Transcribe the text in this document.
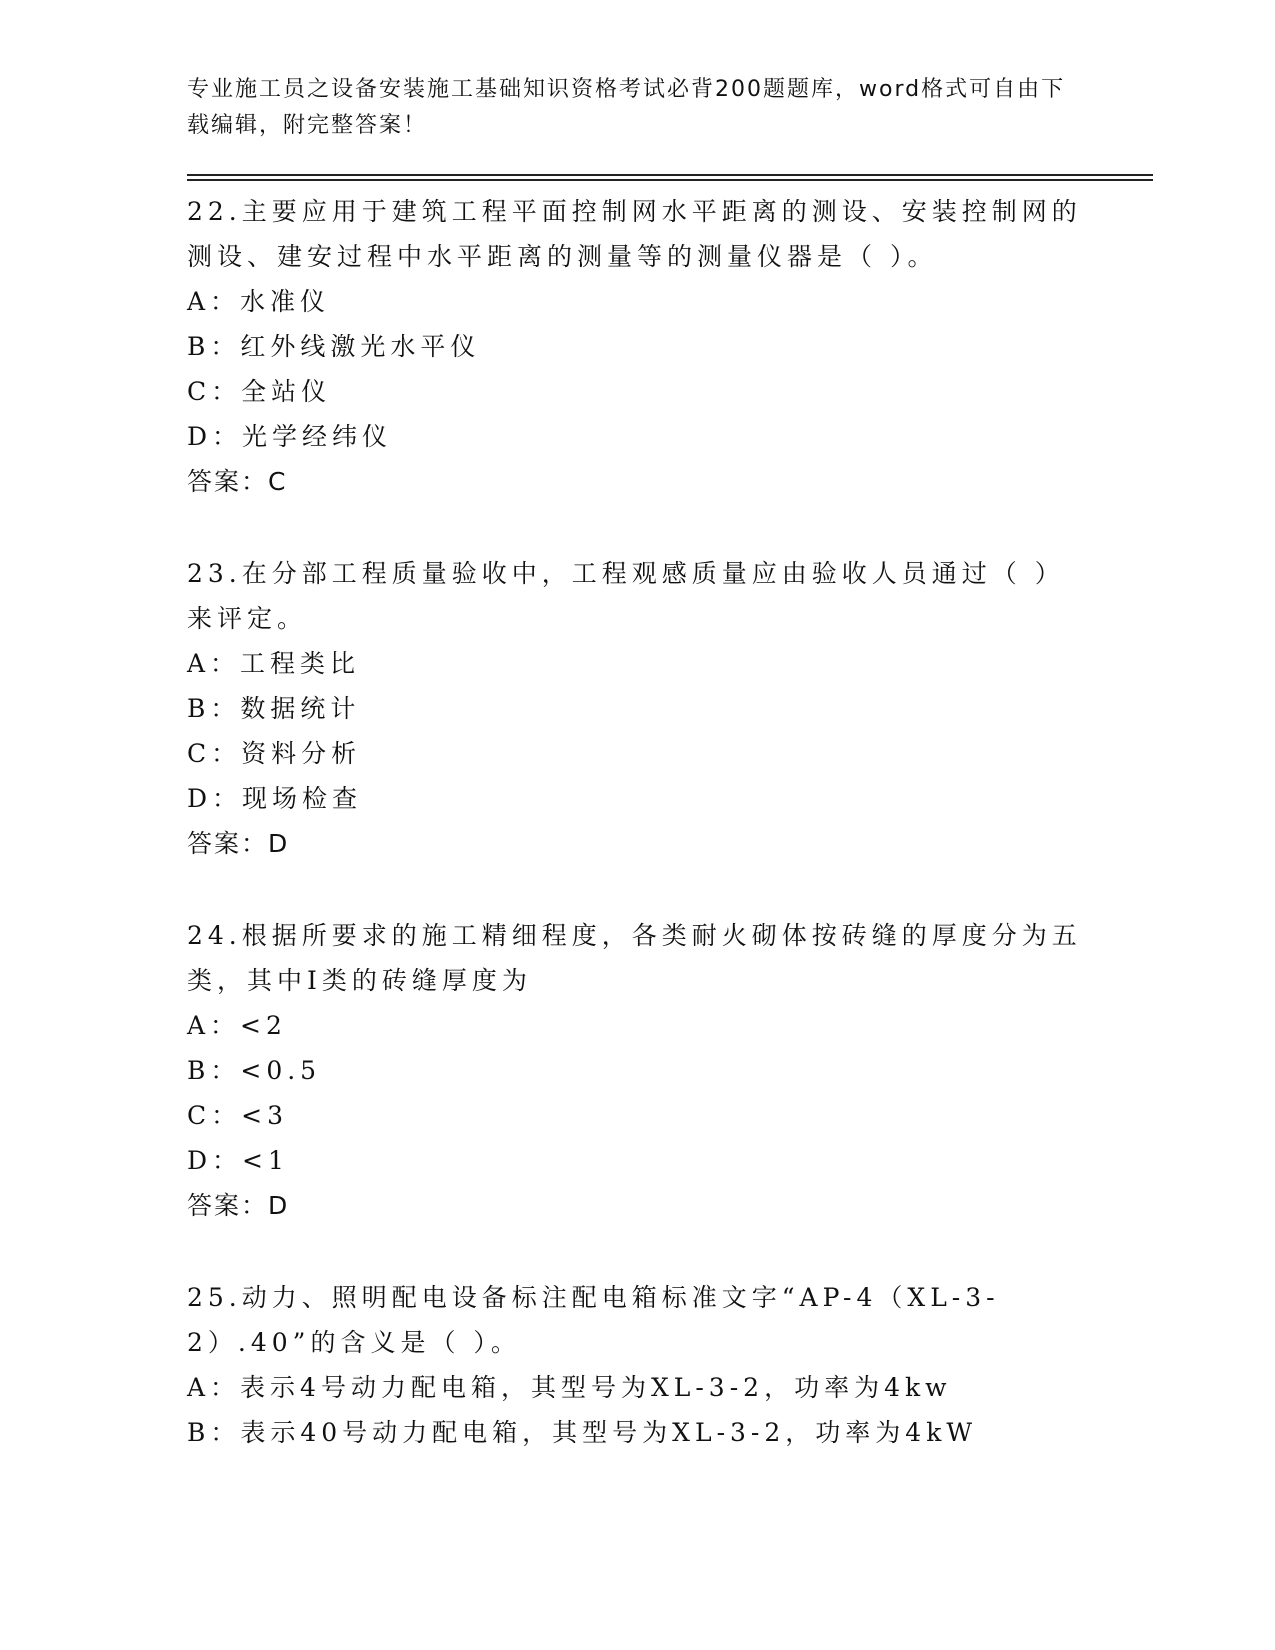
专业施工员之设备安装施工基础知识资格考试必背200题题库，word格式可自由下载编辑，附完整答案！

22.主要应用于建筑工程平面控制网水平距离的测设、安装控制网的测设、建安过程中水平距离的测量等的测量仪器是（ ）。

A：水准仪

B：红外线激光水平仪

C：全站仪

D：光学经纬仪

答案：C

23.在分部工程质量验收中，工程观感质量应由验收人员通过（ ）来评定。

A：工程类比

B：数据统计

C：资料分析

D：现场检查

答案：D

24.根据所要求的施工精细程度，各类耐火砌体按砖缝的厚度分为五类，其中Ⅰ类的砖缝厚度为

A：<2

B：<0.5

C：<3

D：<1

答案：D

25.动力、照明配电设备标注配电箱标准文字“AP-4（XL-3-2）.40”的含义是（ ）。

A：表示4号动力配电箱，其型号为XL-3-2，功率为4kw

B：表示40号动力配电箱，其型号为XL-3-2，功率为4kW
